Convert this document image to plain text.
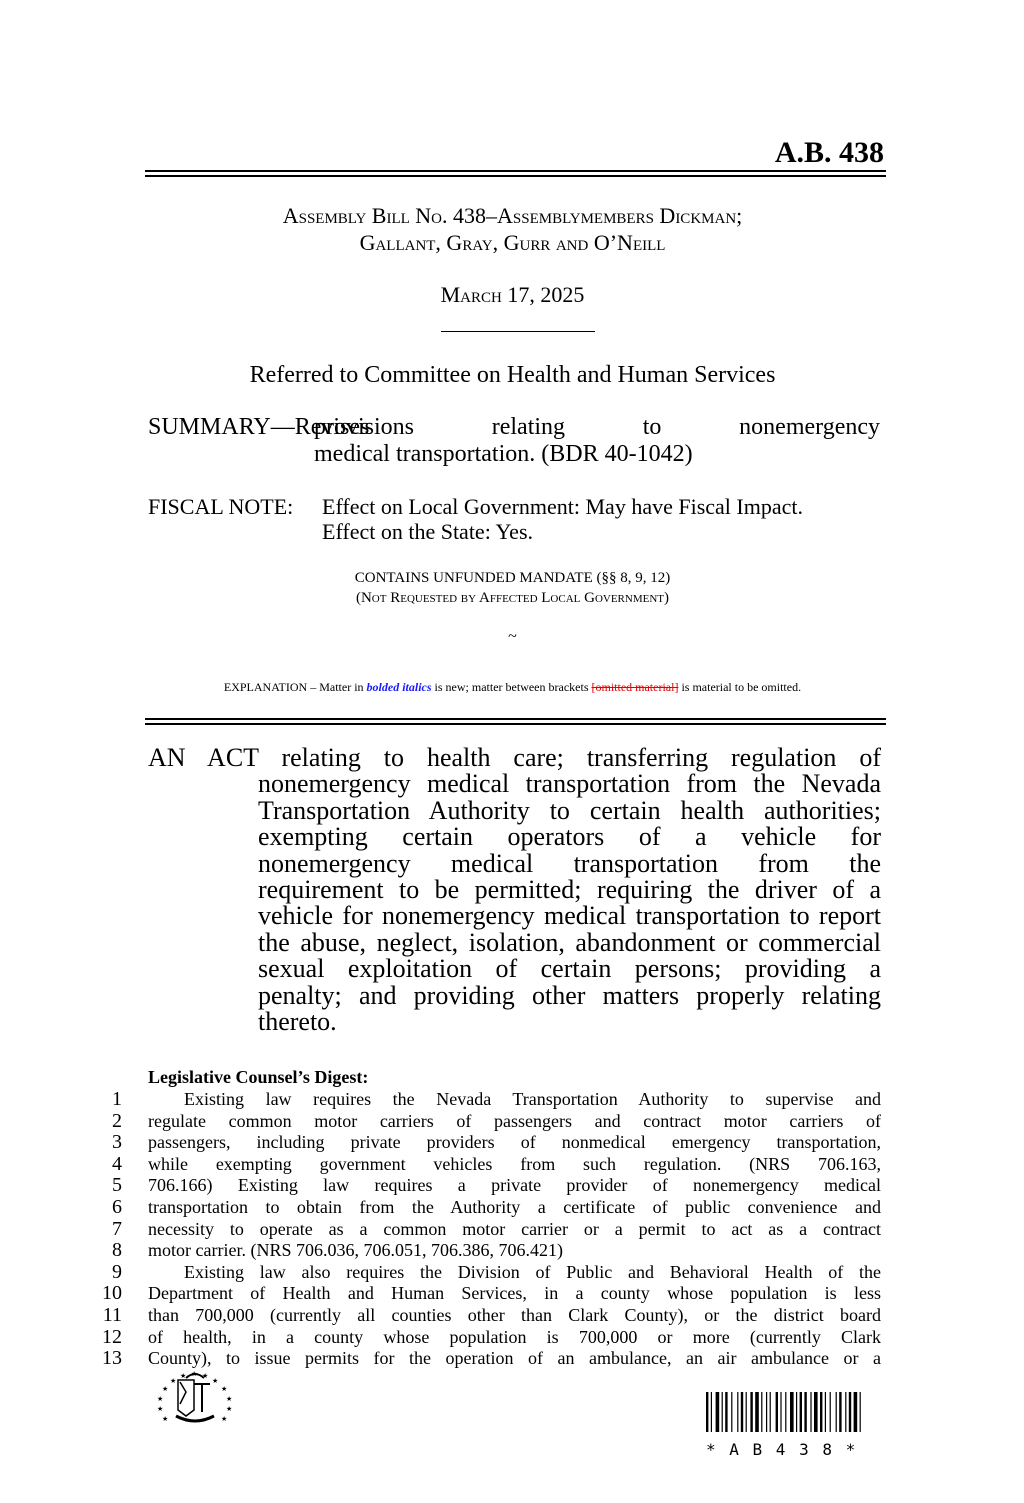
A.B. 438
Assembly Bill No. 438–Assemblymembers Dickman;
Gallant, Gray, Gurr and O’Neill
March 17, 2025
Referred to Committee on Health and Human Services
SUMMARY—Revises
provisions relating to nonemergency
medical transportation. (BDR 40-1042)
FISCAL NOTE: Effect on Local Government: May have Fiscal Impact.
Effect on the State: Yes.
CONTAINS UNFUNDED MANDATE (§§ 8, 9, 12)
(Not Requested by Affected Local Government)
~
EXPLANATION – Matter in bolded italics is new; matter between brackets [omitted material] is material to be omitted.
AN ACT relating to health care; transferring regulation of
nonemergency medical transportation from the Nevada
Transportation Authority to certain health authorities;
exempting certain operators of a vehicle for
nonemergency medical transportation from the
requirement to be permitted; requiring the driver of a
vehicle for nonemergency medical transportation to report
the abuse, neglect, isolation, abandonment or commercial
sexual exploitation of certain persons; providing a
penalty; and providing other matters properly relating
thereto.
Legislative Counsel’s Digest:
1	Existing law requires the Nevada Transportation Authority to supervise and
2 regulate common motor carriers of passengers and contract motor carriers of
3 passengers, including private providers of nonmedical emergency transportation,
4 while exempting government vehicles from such regulation. (NRS 706.163,
5 706.166) Existing law requires a private provider of nonemergency medical
6 transportation to obtain from the Authority a certificate of public convenience and
7 necessity to operate as a common motor carrier or a permit to act as a contract
8 motor carrier. (NRS 706.036, 706.051, 706.386, 706.421)
9	Existing law also requires the Division of Public and Behavioral Health of the
10 Department of Health and Human Services, in a county whose population is less
11 than 700,000 (currently all counties other than Clark County), or the district board
12 of health, in a county whose population is 700,000 or more (currently Clark
13 County), to issue permits for the operation of an ambulance, an air ambulance or a
★
★ ★
★	★
★	★
★	★
★	★
★	★
* A B 4 3 8 *
